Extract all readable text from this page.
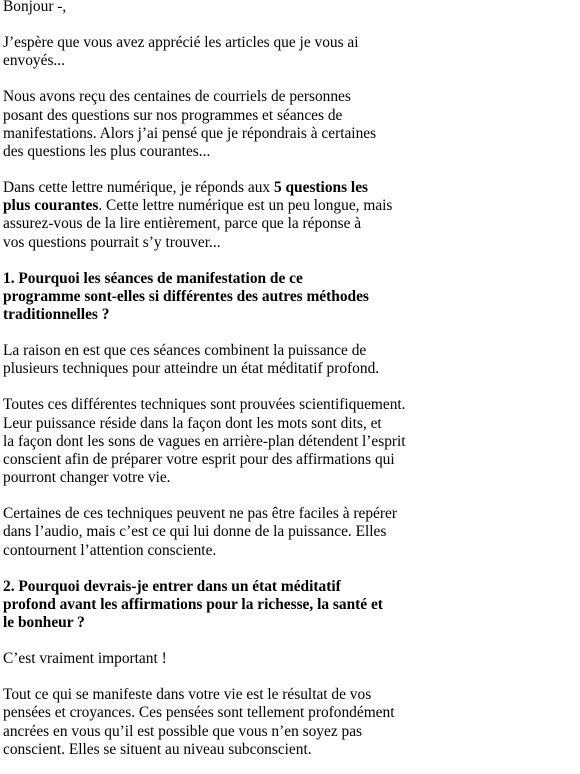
Bonjour -,
J’espère que vous avez apprécié les articles que je vous ai
envoyés...
Nous avons reçu des centaines de courriels de personnes
posant des questions sur nos programmes et séances de
manifestations. Alors j’ai pensé que je répondrais à certaines
des questions les plus courantes...
Dans cette lettre numérique, je réponds aux 5 questions les
plus courantes. Cette lettre numérique est un peu longue, mais
assurez-vous de la lire entièrement, parce que la réponse à
vos questions pourrait s’y trouver...
1. Pourquoi les séances de manifestation de ce
programme sont-elles si différentes des autres méthodes
traditionnelles ?
La raison en est que ces séances combinent la puissance de
plusieurs techniques pour atteindre un état méditatif profond.
Toutes ces différentes techniques sont prouvées scientifiquement.
Leur puissance réside dans la façon dont les mots sont dits, et
la façon dont les sons de vagues en arrière-plan détendent l’esprit
conscient afin de préparer votre esprit pour des affirmations qui
pourront changer votre vie.
Certaines de ces techniques peuvent ne pas être faciles à repérer
dans l’audio, mais c’est ce qui lui donne de la puissance. Elles
contournent l’attention consciente.
2. Pourquoi devrais-je entrer dans un état méditatif
profond avant les affirmations pour la richesse, la santé et
le bonheur ?
C’est vraiment important !
Tout ce qui se manifeste dans votre vie est le résultat de vos
pensées et croyances. Ces pensées sont tellement profondément
ancrées en vous qu’il est possible que vous n’en soyez pas
conscient. Elles se situent au niveau subconscient.
